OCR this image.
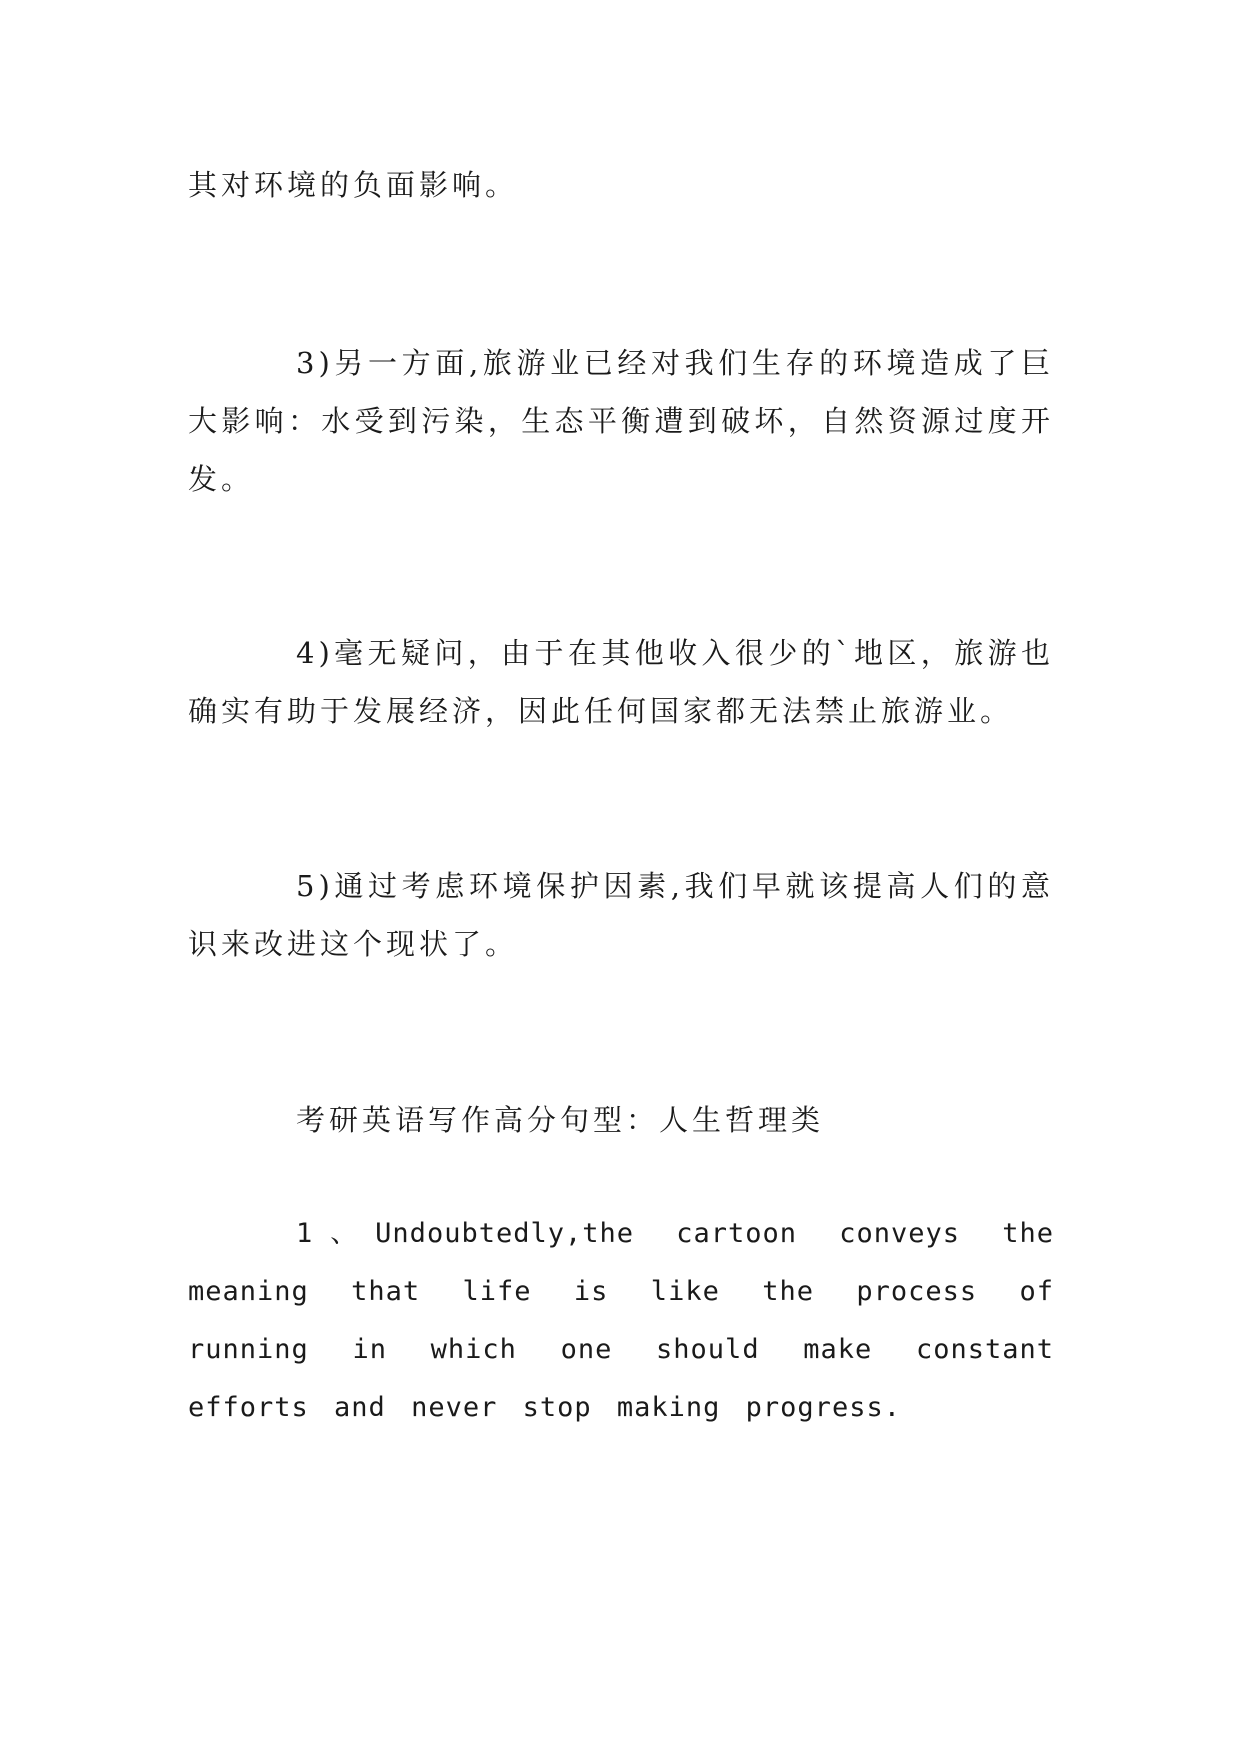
其对环境的负面影响。

3)另一方面,旅游业已经对我们生存的环境造成了巨大影响：水受到污染，生态平衡遭到破坏，自然资源过度开发。

4)毫无疑问，由于在其他收入很少的`地区，旅游也确实有助于发展经济，因此任何国家都无法禁止旅游业。

5)通过考虑环境保护因素,我们早就该提高人们的意识来改进这个现状了。

考研英语写作高分句型：人生哲理类

1、Undoubtedly,the cartoon conveys the meaning that life is like the process of running in which one should make constant efforts and never stop making progress.
